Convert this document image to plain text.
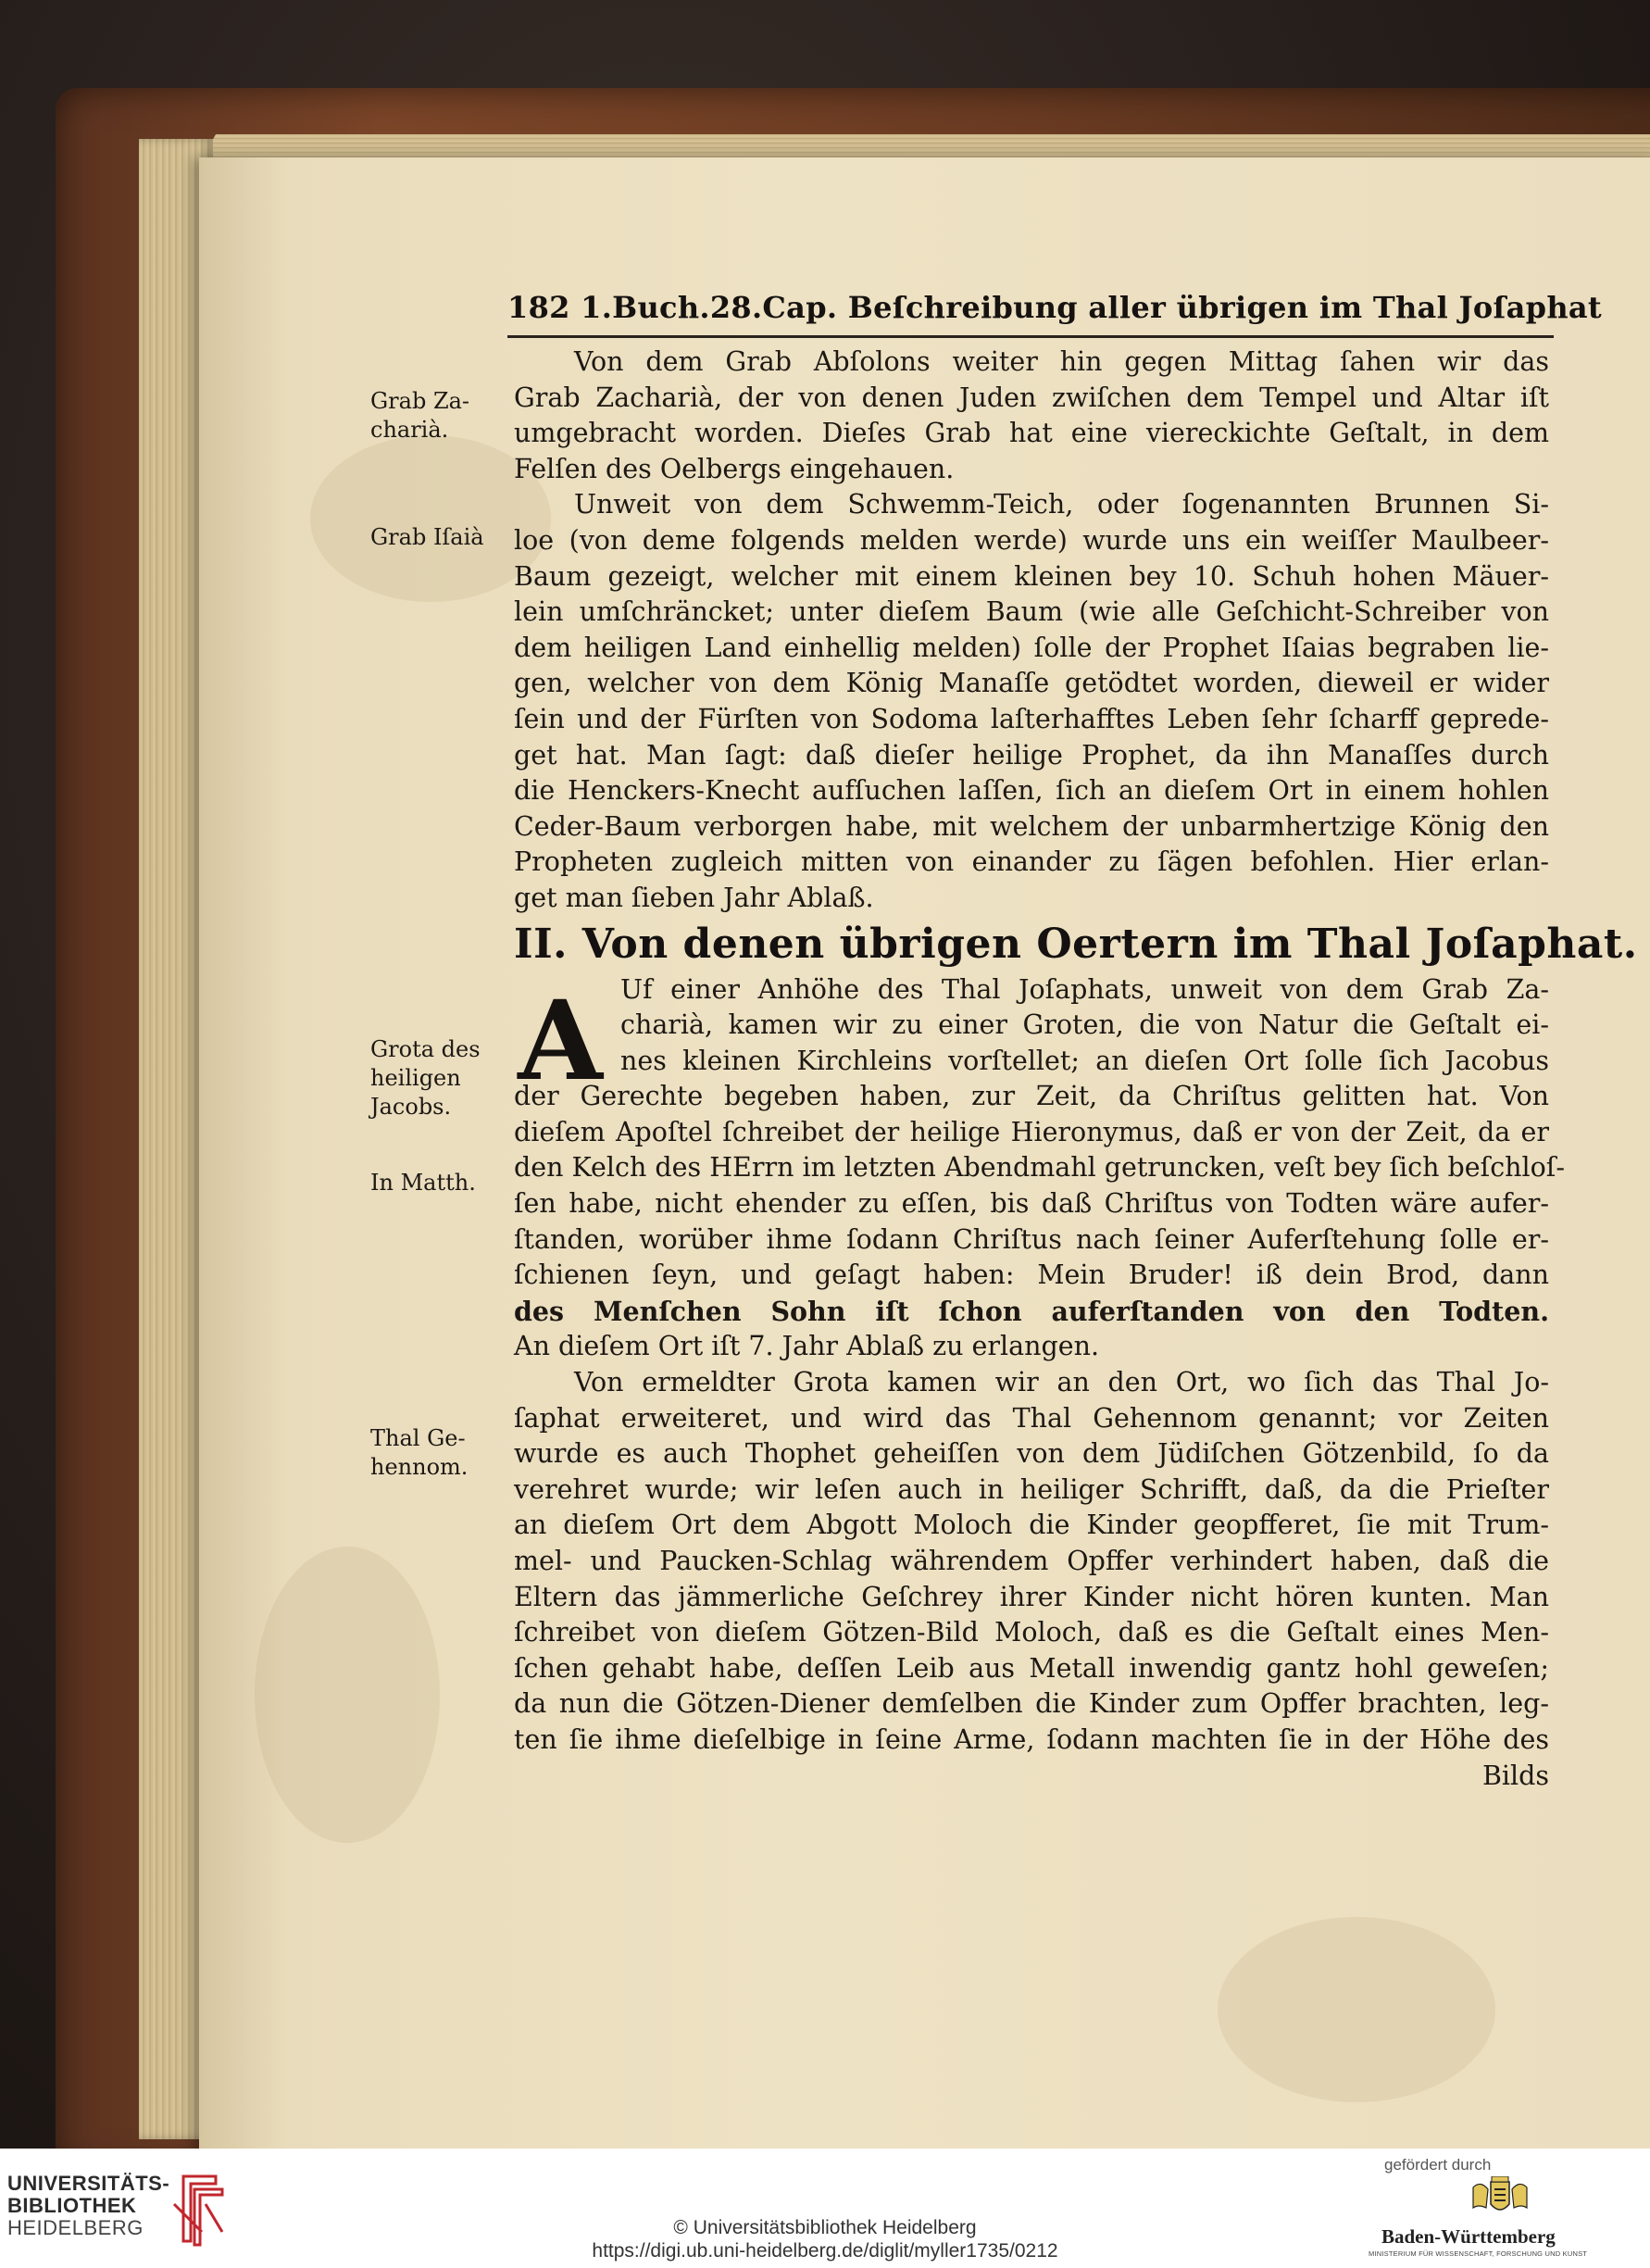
182 1.Buch.28.Cap. Beſchreibung aller übrigen im Thal Joſaphat
Grab Za-
charià.
Grab Iſaià
Grota des
heiligen
Jacobs.
In Matth.
Thal Ge-
hennom.
A
Von dem Grab Abſolons weiter hin gegen Mittag ſahen wir das
Grab Zacharià, der von denen Juden zwiſchen dem Tempel und Altar iſt
umgebracht worden. Dieſes Grab hat eine viereckichte Geſtalt, in dem
Felſen des Oelbergs eingehauen.
Unweit von dem Schwemm-Teich, oder ſogenannten Brunnen Si-
loe (von deme folgends melden werde) wurde uns ein weiſſer Maulbeer-
Baum gezeigt, welcher mit einem kleinen bey 10. Schuh hohen Mäuer-
lein umſchräncket; unter dieſem Baum (wie alle Geſchicht-Schreiber von
dem heiligen Land einhellig melden) ſolle der Prophet Iſaias begraben lie-
gen, welcher von dem König Manaſſe getödtet worden, dieweil er wider
ſein und der Fürſten von Sodoma laſterhafftes Leben ſehr ſcharff geprede-
get hat. Man ſagt: daß dieſer heilige Prophet, da ihn Manaſſes durch
die Henckers-Knecht aufſuchen laſſen, ſich an dieſem Ort in einem hohlen
Ceder-Baum verborgen habe, mit welchem der unbarmhertzige König den
Propheten zugleich mitten von einander zu ſägen befohlen. Hier erlan-
get man ſieben Jahr Ablaß.
II. Von denen übrigen Oertern im Thal Joſaphat.
Uf einer Anhöhe des Thal Joſaphats, unweit von dem Grab Za-
charià, kamen wir zu einer Groten, die von Natur die Geſtalt ei-
nes kleinen Kirchleins vorſtellet; an dieſen Ort ſolle ſich Jacobus
der Gerechte begeben haben, zur Zeit, da Chriſtus gelitten hat. Von
dieſem Apoſtel ſchreibet der heilige Hieronymus, daß er von der Zeit, da er
den Kelch des HErrn im letzten Abendmahl getruncken, veſt bey ſich beſchloſ-
ſen habe, nicht ehender zu eſſen, bis daß Chriſtus von Todten wäre aufer-
ſtanden, worüber ihme ſodann Chriſtus nach ſeiner Auferſtehung ſolle er-
ſchienen ſeyn, und geſagt haben: Mein Bruder! iß dein Brod, dann
des Menſchen Sohn iſt ſchon auferſtanden von den Todten.
An dieſem Ort iſt 7. Jahr Ablaß zu erlangen.
Von ermeldter Grota kamen wir an den Ort, wo ſich das Thal Jo-
ſaphat erweiteret, und wird das Thal Gehennom genannt; vor Zeiten
wurde es auch Thophet geheiſſen von dem Jüdiſchen Götzenbild, ſo da
verehret wurde; wir leſen auch in heiliger Schrifft, daß, da die Prieſter
an dieſem Ort dem Abgott Moloch die Kinder geopfferet, ſie mit Trum-
mel- und Paucken-Schlag währendem Opffer verhindert haben, daß die
Eltern das jämmerliche Geſchrey ihrer Kinder nicht hören kunten. Man
ſchreibet von dieſem Götzen-Bild Moloch, daß es die Geſtalt eines Men-
ſchen gehabt habe, deſſen Leib aus Metall inwendig gantz hohl geweſen;
da nun die Götzen-Diener demſelben die Kinder zum Opffer brachten, leg-
ten ſie ihme dieſelbige in ſeine Arme, ſodann machten ſie in der Höhe des
Bilds
UNIVERSITÄTS-
BIBLIOTHEK
HEIDELBERG	© Universitätsbibliothek Heidelberg
https://digi.ub.uni-heidelberg.de/diglit/myller1735/0212
gefördert durch
Baden-Württemberg
MINISTERIUM FÜR WISSENSCHAFT, FORSCHUNG UND KUNST
